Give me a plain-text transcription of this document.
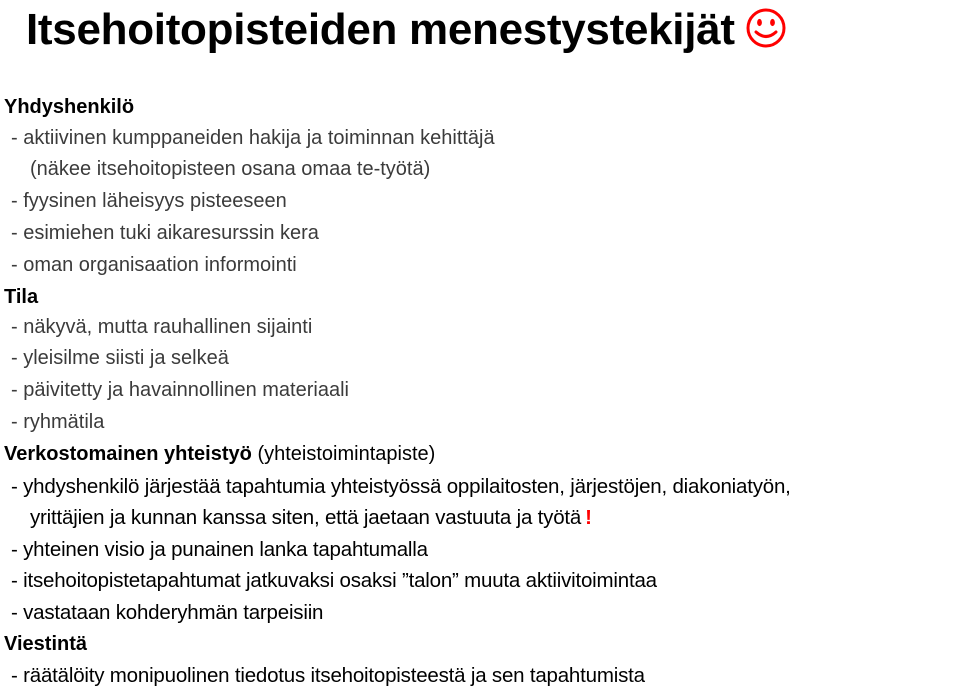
Itsehoitopisteiden menestystekijät
Yhdyshenkilö
- aktiivinen kumppaneiden hakija ja toiminnan kehittäjä
(näkee itsehoitopisteen osana omaa te-työtä)
- fyysinen läheisyys pisteeseen
- esimiehen tuki aikaresurssin kera
- oman organisaation informointi
Tila
- näkyvä, mutta rauhallinen sijainti
- yleisilme siisti ja selkeä
- päivitetty ja havainnollinen materiaali
- ryhmätila
Verkostomainen yhteistyö (yhteistoimintapiste)
- yhdyshenkilö järjestää tapahtumia yhteistyössä oppilaitosten, järjestöjen, diakoniatyön,
yrittäjien ja kunnan kanssa siten, että jaetaan vastuuta ja työtä !
- yhteinen visio ja punainen lanka tapahtumalla
- itsehoitopistetapahtumat jatkuvaksi osaksi ”talon” muuta aktiivitoimintaa
- vastataan kohderyhmän tarpeisiin
Viestintä
- räätälöity monipuolinen tiedotus itsehoitopisteestä ja sen tapahtumista
